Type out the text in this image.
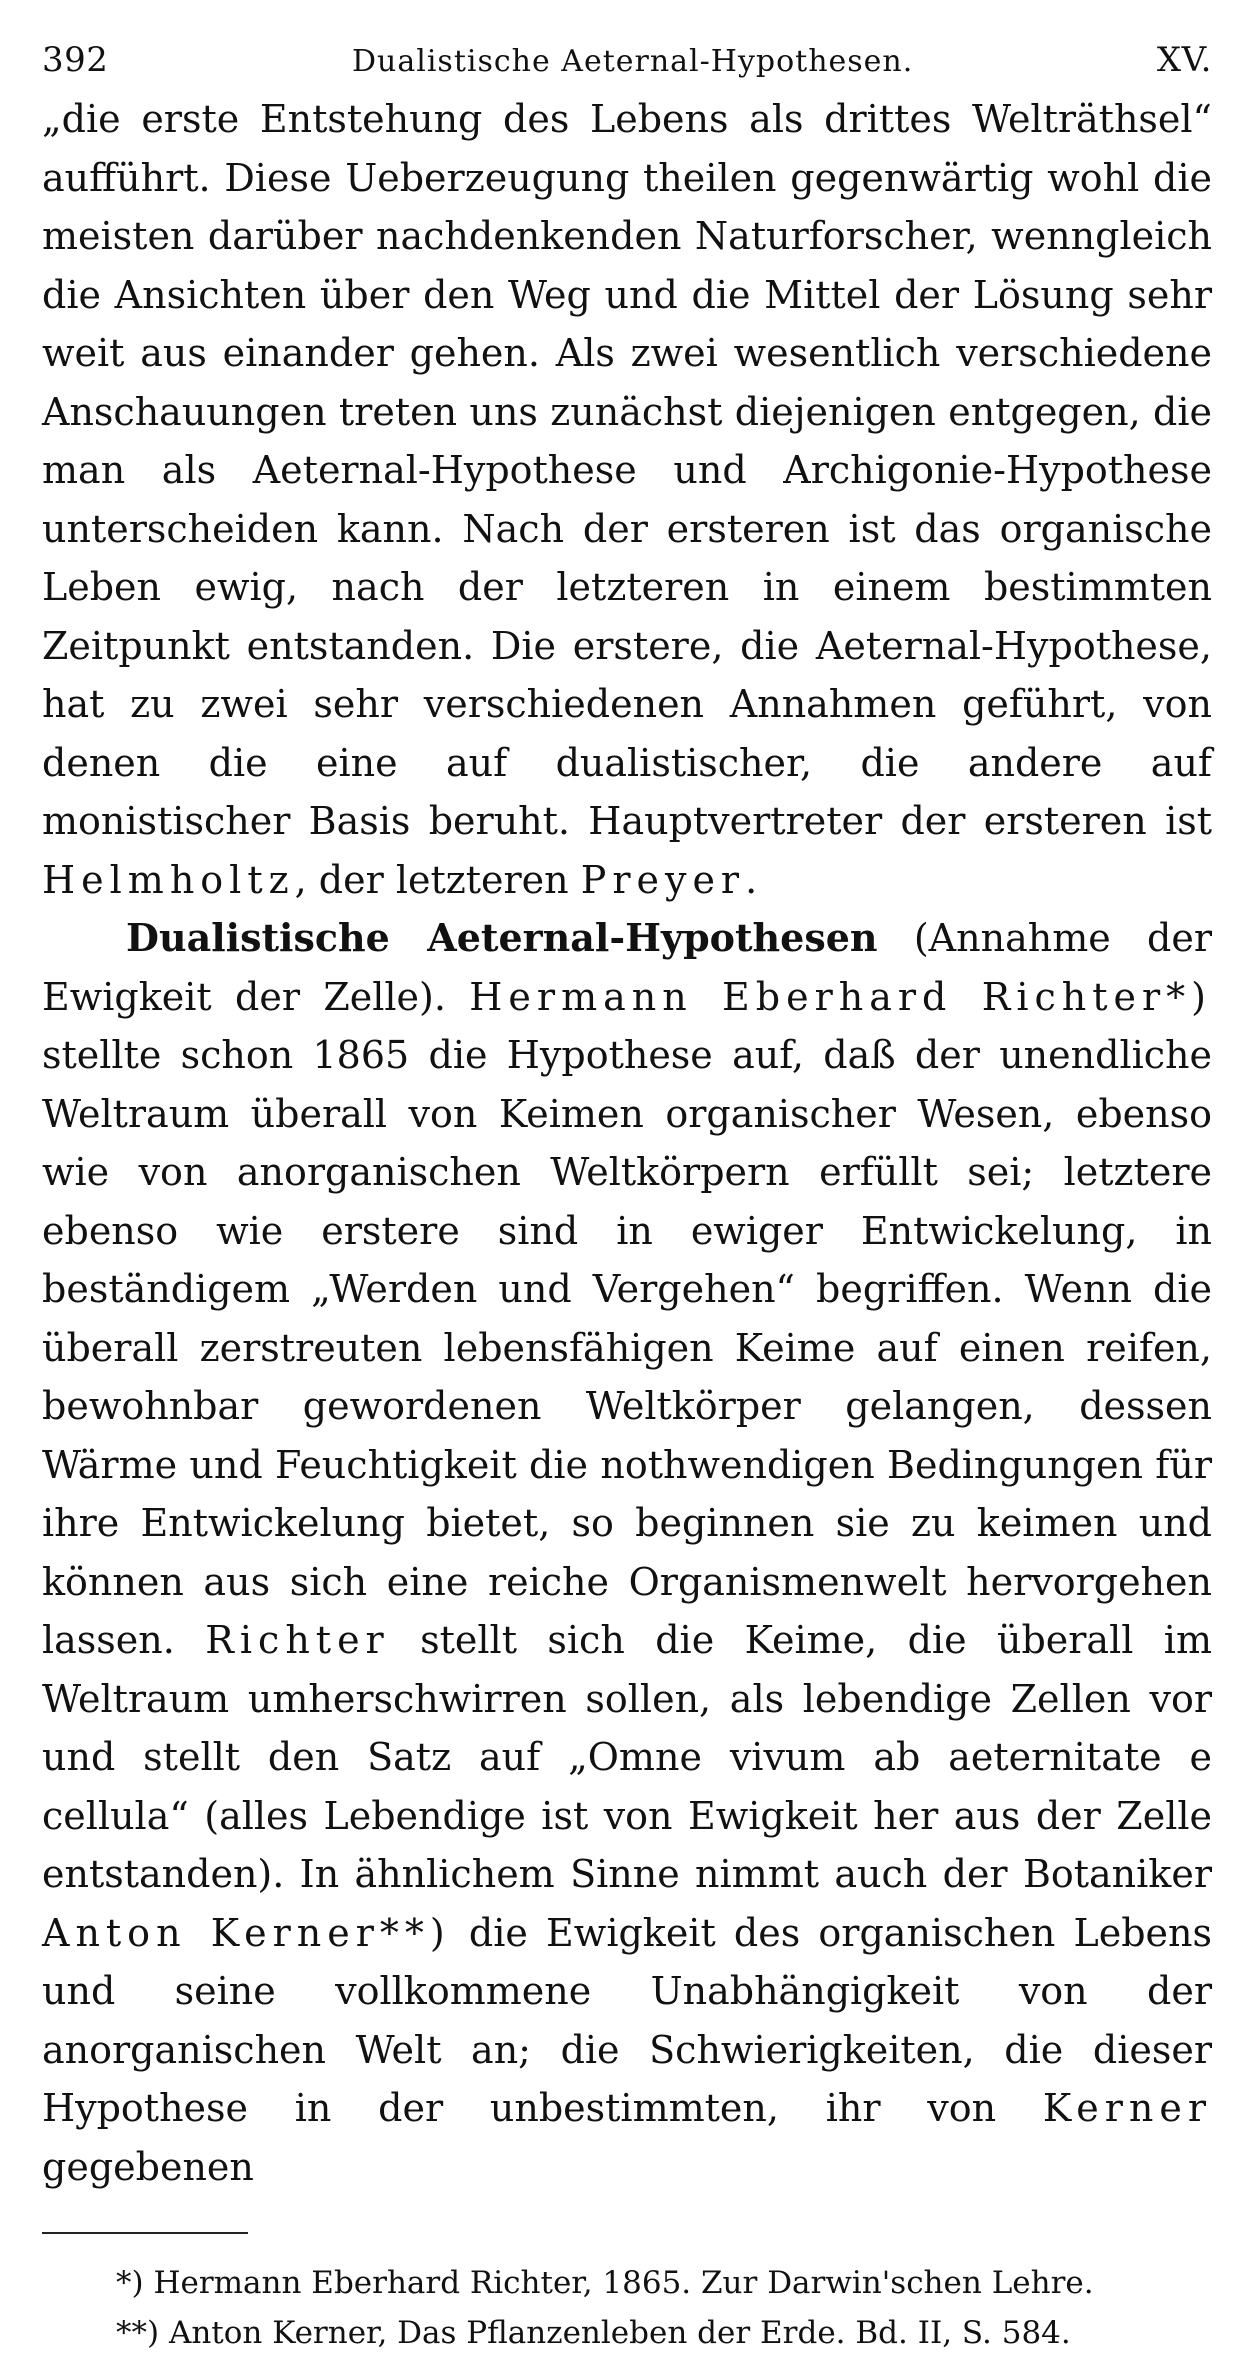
392	Dualistische Aeternal-Hypothesen.	XV.

„die erste Entstehung des Lebens als drittes Welträthsel“ aufführt. Diese Ueberzeugung theilen gegenwärtig wohl die meisten darüber nachdenkenden Naturforscher, wenngleich die Ansichten über den Weg und die Mittel der Lösung sehr weit aus einander gehen. Als zwei wesentlich verschiedene Anschauungen treten uns zunächst diejenigen entgegen, die man als Aeternal-Hypothese und Archigonie-Hypothese unterscheiden kann. Nach der ersteren ist das organische Leben ewig, nach der letzteren in einem bestimmten Zeitpunkt entstanden. Die erstere, die Aeternal-Hypothese, hat zu zwei sehr verschiedenen Annahmen geführt, von denen die eine auf dualistischer, die andere auf monistischer Basis beruht. Hauptvertreter der ersteren ist Helmholtz, der letzteren Preyer.

Dualistische Aeternal-Hypothesen (Annahme der Ewigkeit der Zelle). Hermann Eberhard Richter*) stellte schon 1865 die Hypothese auf, daß der unendliche Weltraum überall von Keimen organischer Wesen, ebenso wie von anorganischen Weltkörpern erfüllt sei; letztere ebenso wie erstere sind in ewiger Entwickelung, in beständigem „Werden und Vergehen“ begriffen. Wenn die überall zerstreuten lebensfähigen Keime auf einen reifen, bewohnbar gewordenen Weltkörper gelangen, dessen Wärme und Feuchtigkeit die nothwendigen Bedingungen für ihre Entwickelung bietet, so beginnen sie zu keimen und können aus sich eine reiche Organismenwelt hervorgehen lassen. Richter stellt sich die Keime, die überall im Weltraum umherschwirren sollen, als lebendige Zellen vor und stellt den Satz auf „Omne vivum ab aeternitate e cellula“ (alles Lebendige ist von Ewigkeit her aus der Zelle entstanden). In ähnlichem Sinne nimmt auch der Botaniker Anton Kerner**) die Ewigkeit des organischen Lebens und seine vollkommene Unabhängigkeit von der anorganischen Welt an; die Schwierigkeiten, die dieser Hypothese in der unbestimmten, ihr von Kerner gegebenen

*) Hermann Eberhard Richter, 1865. Zur Darwin'schen Lehre.
**) Anton Kerner, Das Pflanzenleben der Erde. Bd. II, S. 584.
